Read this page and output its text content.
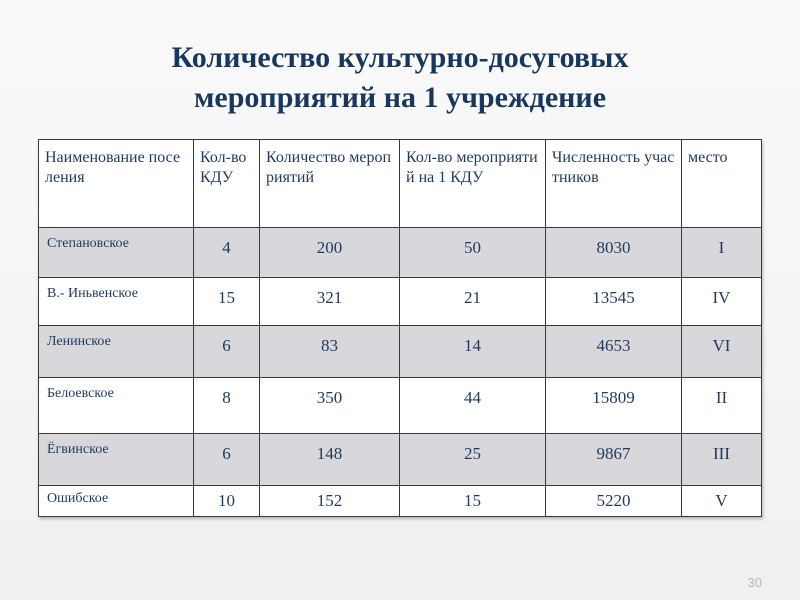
Количество культурно-досуговых
мероприятий на 1 учреждение
Наименование поселения	Кол-во КДУ	Количество мероприятий	Кол-во мероприятий на 1 КДУ	Численность участников	место
Степановское	4	200	50	8030	I
В.- Иньвенское	15	321	21	13545	IV
Ленинское	6	83	14	4653	VI
Белоевское	8	350	44	15809	II
Ёгвинское	6	148	25	9867	III
Ошибское	10	152	15	5220	V
30
